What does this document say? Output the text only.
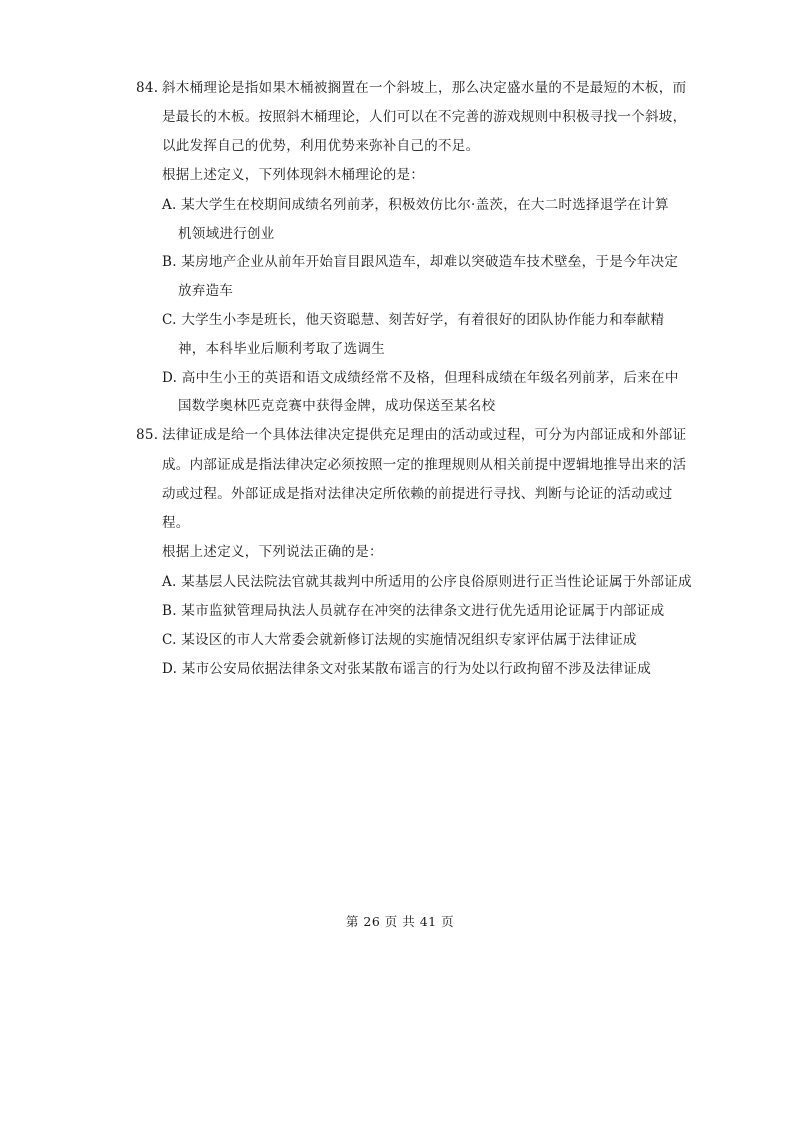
84. 斜木桶理论是指如果木桶被搁置在一个斜坡上，那么决定盛水量的不是最短的木板，而
是最长的木板。按照斜木桶理论，人们可以在不完善的游戏规则中积极寻找一个斜坡，
以此发挥自己的优势，利用优势来弥补自己的不足。
根据上述定义，下列体现斜木桶理论的是：
A. 某大学生在校期间成绩名列前茅，积极效仿比尔·盖茨，在大二时选择退学在计算
机领域进行创业
B. 某房地产企业从前年开始盲目跟风造车，却难以突破造车技术壁垒，于是今年决定
放弃造车
C. 大学生小李是班长，他天资聪慧、刻苦好学，有着很好的团队协作能力和奉献精
神，本科毕业后顺利考取了选调生
D. 高中生小王的英语和语文成绩经常不及格，但理科成绩在年级名列前茅，后来在中
国数学奥林匹克竞赛中获得金牌，成功保送至某名校
85. 法律证成是给一个具体法律决定提供充足理由的活动或过程，可分为内部证成和外部证
成。内部证成是指法律决定必须按照一定的推理规则从相关前提中逻辑地推导出来的活
动或过程。外部证成是指对法律决定所依赖的前提进行寻找、判断与论证的活动或过
程。
根据上述定义，下列说法正确的是：
A. 某基层人民法院法官就其裁判中所适用的公序良俗原则进行正当性论证属于外部证成
B. 某市监狱管理局执法人员就存在冲突的法律条文进行优先适用论证属于内部证成
C. 某设区的市人大常委会就新修订法规的实施情况组织专家评估属于法律证成
D. 某市公安局依据法律条文对张某散布谣言的行为处以行政拘留不涉及法律证成
第 26 页 共 41 页
